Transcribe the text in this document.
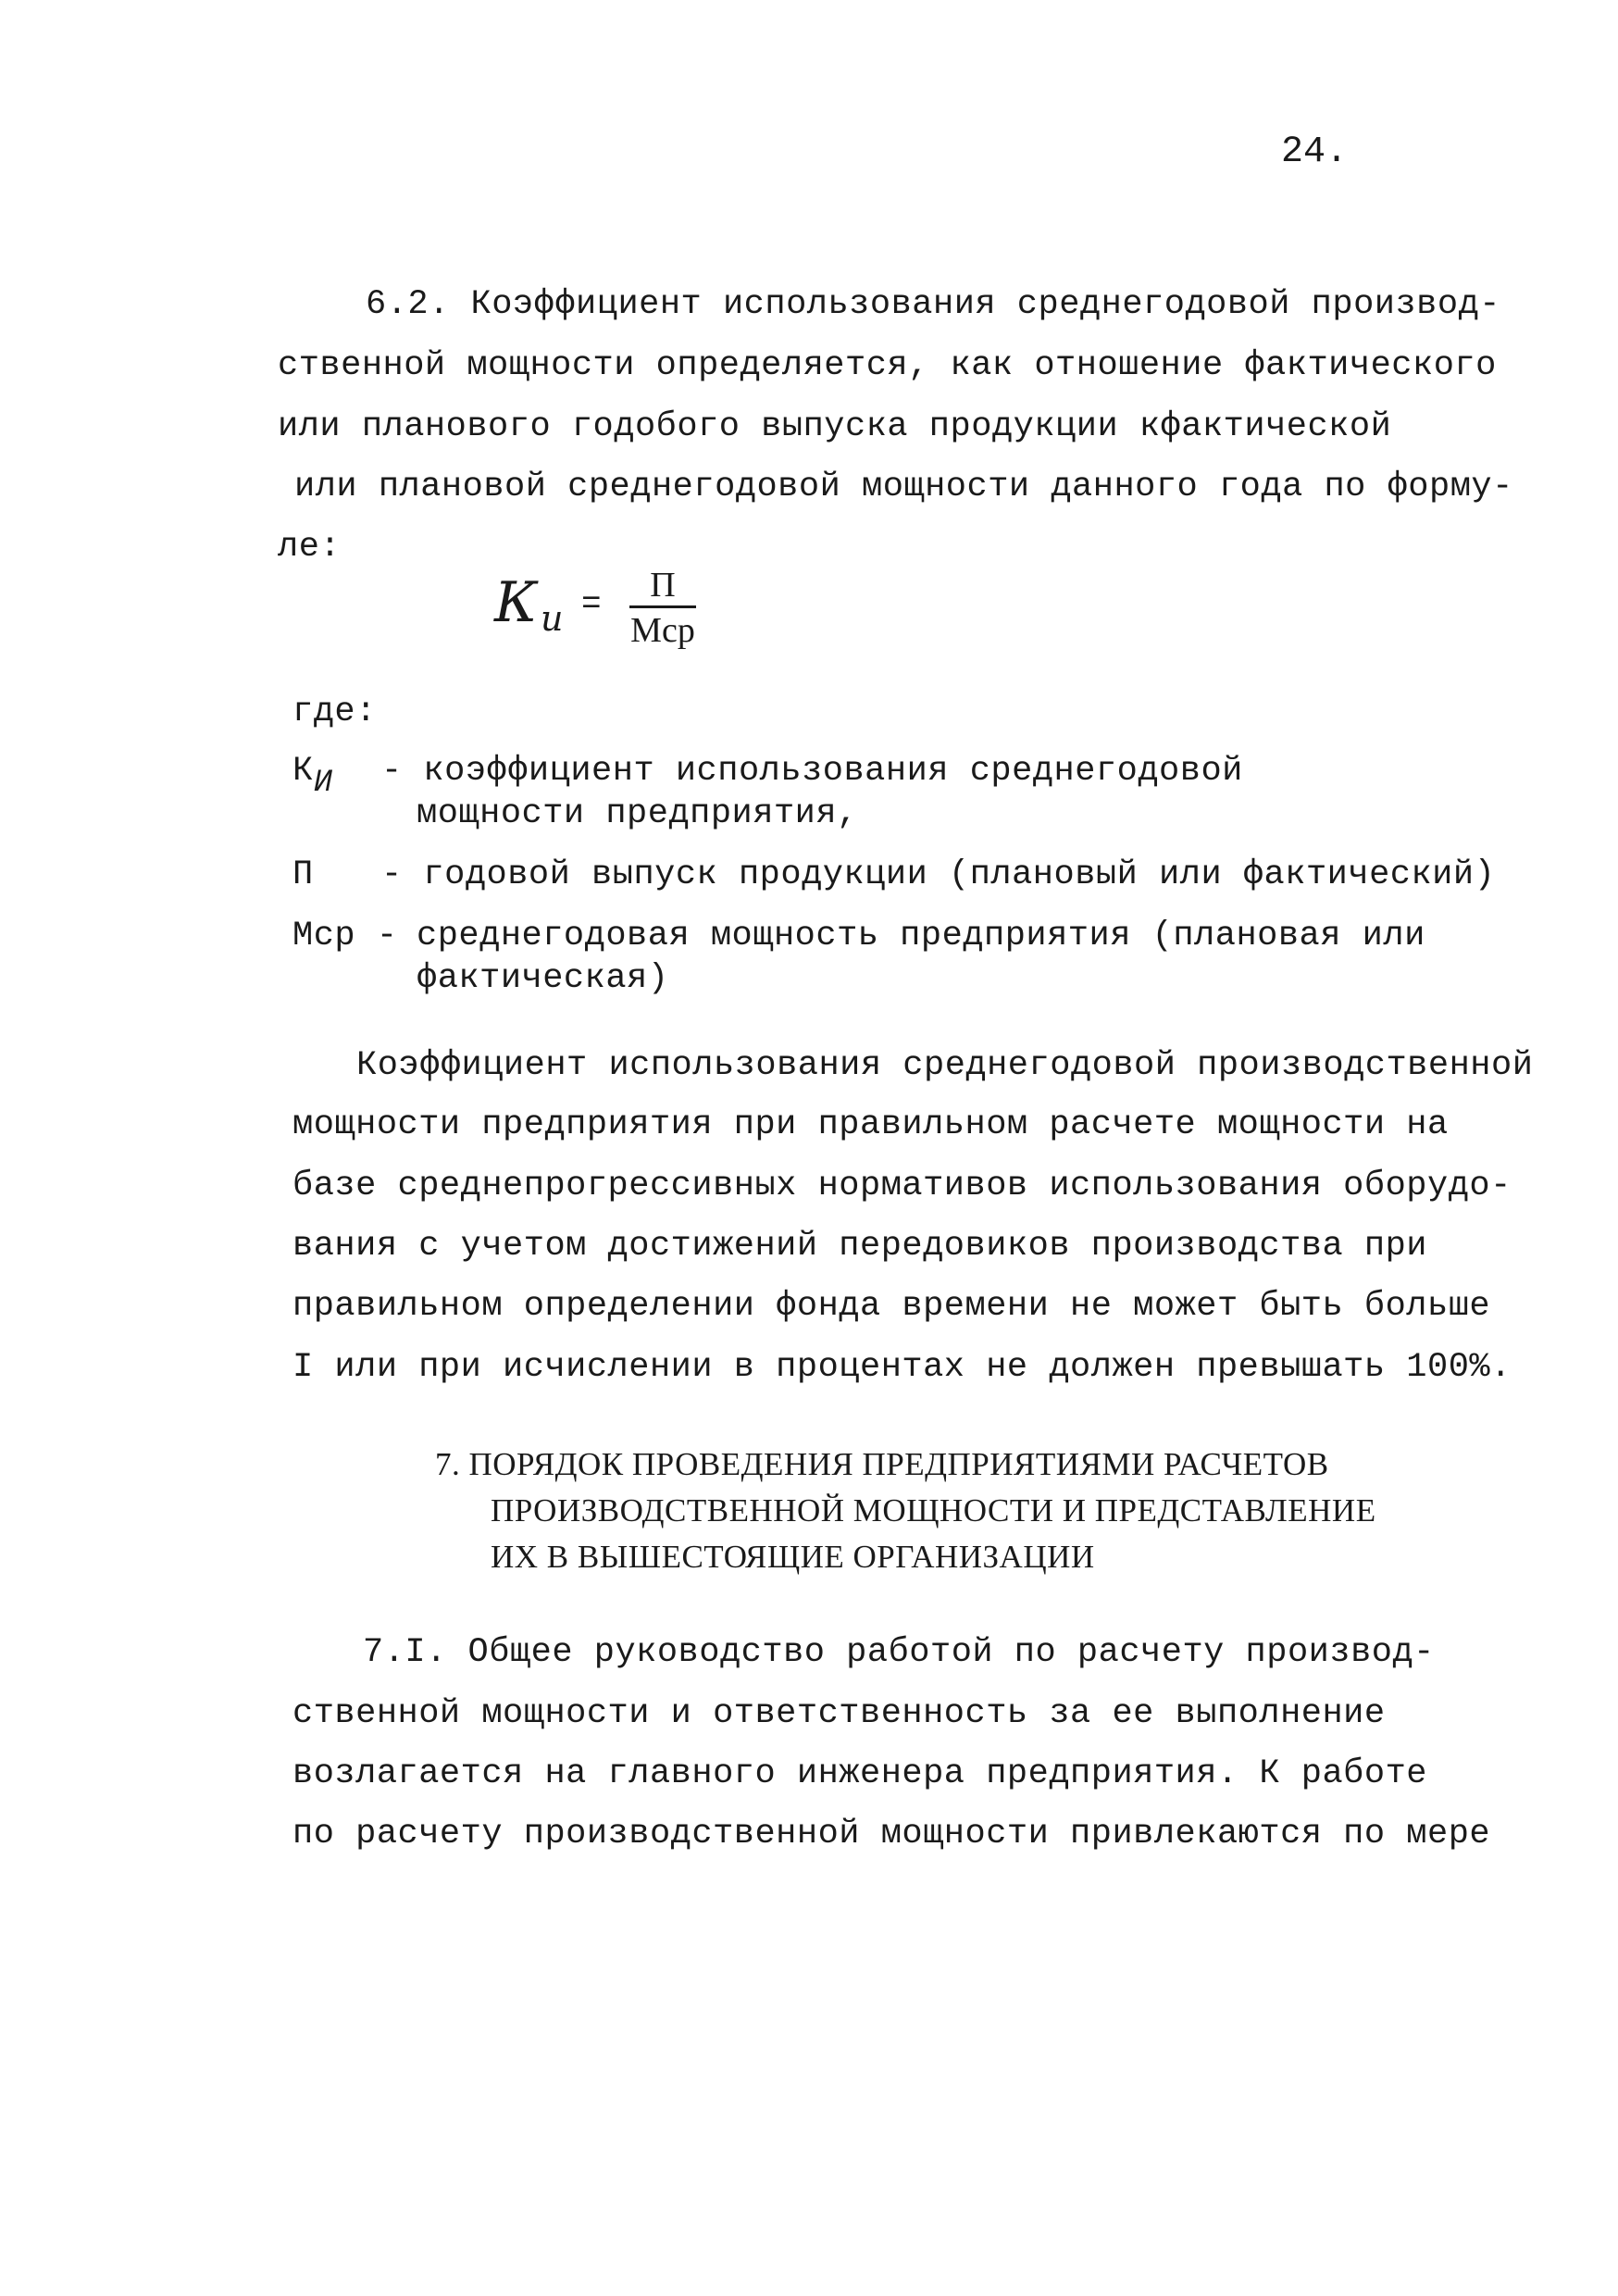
24.
6.2. Коэффициент использования среднегодовой производ-
ственной мощности определяется, как отношение фактического
или планового годобого выпуска продукции кфактической
или плановой среднегодовой мощности данного года по форму-
ле:
К и =	П
Мср
где:
КИ - коэффициент использования среднегодовой
мощности предприятия,
П - годовой выпуск продукции (плановый или фактический)
Мср - среднегодовая мощность предприятия (плановая или
фактическая)
Коэффициент использования среднегодовой производственной
мощности предприятия при правильном расчете мощности на
базе среднепрогрессивных нормативов использования оборудо-
вания с учетом достижений передовиков производства при
правильном определении фонда времени не может быть больше
I или при исчислении в процентах не должен превышать 100%.
7. ПОРЯДОК ПРОВЕДЕНИЯ ПРЕДПРИЯТИЯМИ РАСЧЕТОВ
ПРОИЗВОДСТВЕННОЙ МОЩНОСТИ И ПРЕДСТАВЛЕНИЕ
ИХ В ВЫШЕСТОЯЩИЕ ОРГАНИЗАЦИИ
7.I. Общее руководство работой по расчету производ-
ственной мощности и ответственность за ее выполнение
возлагается на главного инженера предприятия. К работе
по расчету производственной мощности привлекаются по мере
